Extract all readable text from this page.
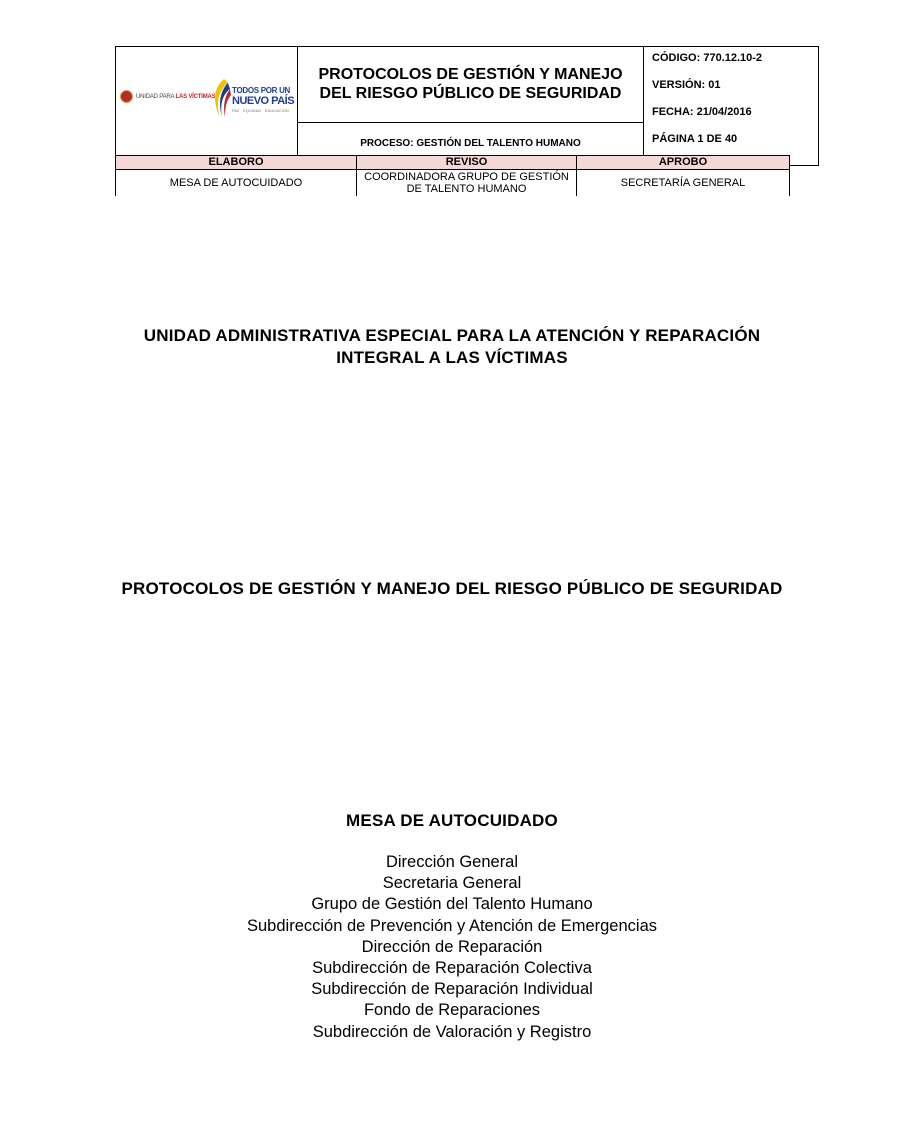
UNIDAD PARA LAS VÍCTIMAS
TODOS POR UN
NUEVO PAÍS
PAZ · EQUIDAD · EDUCACIÓN
	PROTOCOLOS DE GESTIÓN Y MANEJO DEL RIESGO PÚBLICO DE SEGURIDAD	
CÓDIGO: 770.12.10-2
VERSIÓN: 01
FECHA: 21/04/2016
PÁGINA 1 DE 40

PROCESO: GESTIÓN DEL TALENTO HUMANO
ELABORO	REVISO	APROBO
MESA DE AUTOCUIDADO	COORDINADORA GRUPO DE GESTIÓN DE TALENTO HUMANO	SECRETARÍA GENERAL
UNIDAD ADMINISTRATIVA ESPECIAL PARA LA ATENCIÓN Y REPARACIÓN INTEGRAL A LAS VÍCTIMAS
PROTOCOLOS DE GESTIÓN Y MANEJO DEL RIESGO PÚBLICO DE SEGURIDAD
MESA DE AUTOCUIDADO
Dirección General
Secretaria General
Grupo de Gestión del Talento Humano
Subdirección de Prevención y Atención de Emergencias
Dirección de Reparación
Subdirección de Reparación Colectiva
Subdirección de Reparación Individual
Fondo de Reparaciones
Subdirección de Valoración y Registro
